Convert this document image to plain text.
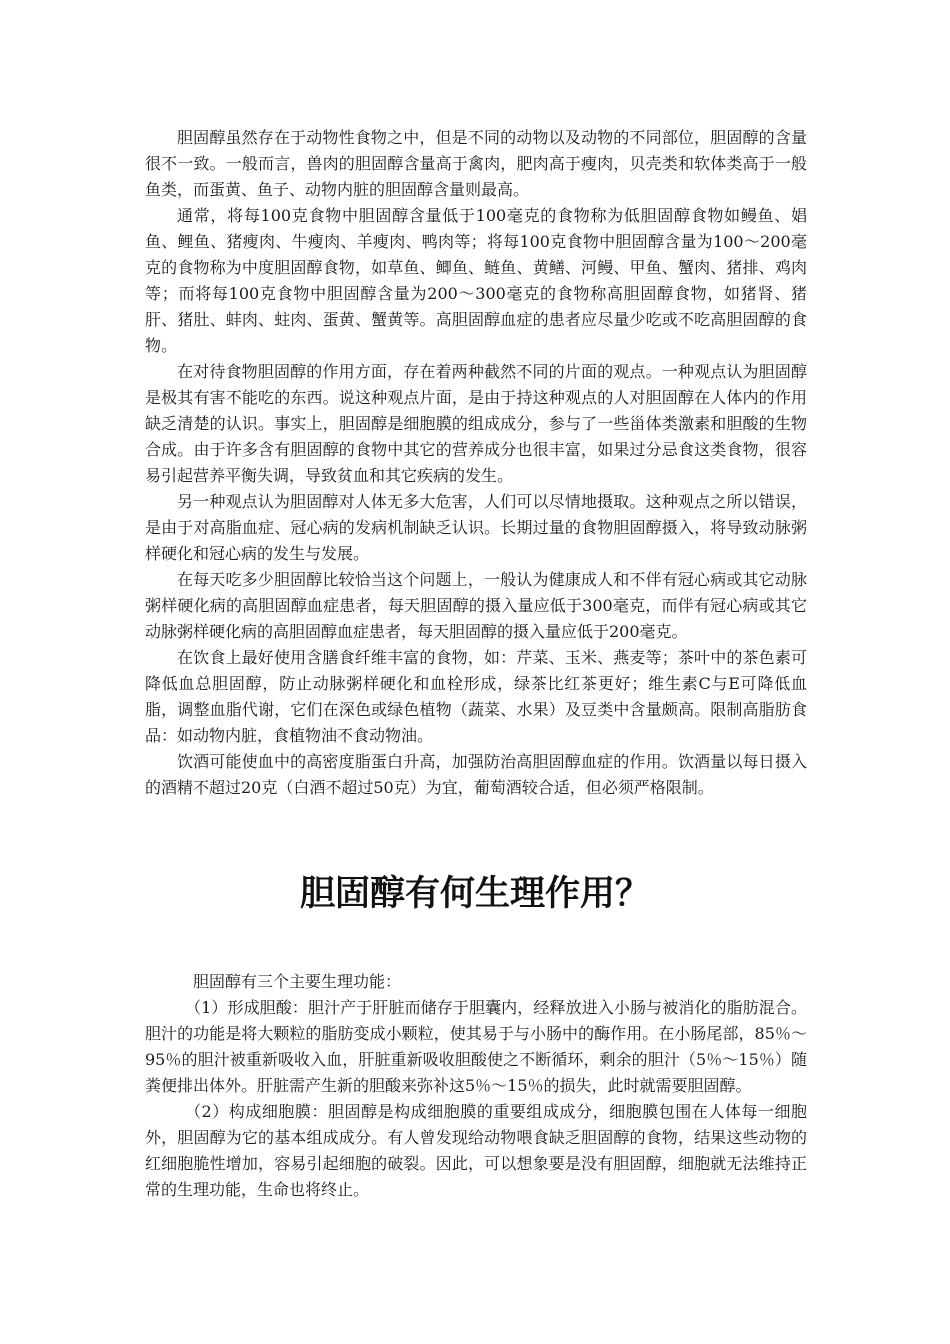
胆固醇虽然存在于动物性食物之中，但是不同的动物以及动物的不同部位，胆固醇的含量很不一致。一般而言，兽肉的胆固醇含量高于禽肉，肥肉高于瘦肉，贝壳类和软体类高于一般鱼类，而蛋黄、鱼子、动物内脏的胆固醇含量则最高。

通常，将每100克食物中胆固醇含量低于100毫克的食物称为低胆固醇食物如鳗鱼、娼鱼、鲤鱼、猪瘦肉、牛瘦肉、羊瘦肉、鸭肉等；将每100克食物中胆固醇含量为100～200毫克的食物称为中度胆固醇食物，如草鱼、鲫鱼、鲢鱼、黄鳝、河鳗、甲鱼、蟹肉、猪排、鸡肉等；而将每100克食物中胆固醇含量为200～300毫克的食物称高胆固醇食物，如猪肾、猪肝、猪肚、蚌肉、蛀肉、蛋黄、蟹黄等。高胆固醇血症的患者应尽量少吃或不吃高胆固醇的食物。

在对待食物胆固醇的作用方面，存在着两种截然不同的片面的观点。一种观点认为胆固醇是极其有害不能吃的东西。说这种观点片面，是由于持这种观点的人对胆固醇在人体内的作用缺乏清楚的认识。事实上，胆固醇是细胞膜的组成成分，参与了一些甾体类激素和胆酸的生物合成。由于许多含有胆固醇的食物中其它的营养成分也很丰富，如果过分忌食这类食物，很容易引起营养平衡失调，导致贫血和其它疾病的发生。

另一种观点认为胆固醇对人体无多大危害，人们可以尽情地摄取。这种观点之所以错误，是由于对高脂血症、冠心病的发病机制缺乏认识。长期过量的食物胆固醇摄入，将导致动脉粥样硬化和冠心病的发生与发展。

在每天吃多少胆固醇比较恰当这个问题上，一般认为健康成人和不伴有冠心病或其它动脉粥样硬化病的高胆固醇血症患者，每天胆固醇的摄入量应低于300毫克，而伴有冠心病或其它动脉粥样硬化病的高胆固醇血症患者，每天胆固醇的摄入量应低于200毫克。

在饮食上最好使用含膳食纤维丰富的食物，如：芹菜、玉米、燕麦等；茶叶中的茶色素可降低血总胆固醇，防止动脉粥样硬化和血栓形成，绿茶比红茶更好；维生素C与E可降低血脂，调整血脂代谢，它们在深色或绿色植物（蔬菜、水果）及豆类中含量颇高。限制高脂肪食品：如动物内脏，食植物油不食动物油。

饮酒可能使血中的高密度脂蛋白升高，加强防治高胆固醇血症的作用。饮酒量以每日摄入的酒精不超过20克（白酒不超过50克）为宜，葡萄酒较合适，但必须严格限制。

胆固醇有何生理作用？

胆固醇有三个主要生理功能：

（1）形成胆酸：胆汁产于肝脏而储存于胆囊内，经释放进入小肠与被消化的脂肪混合。胆汁的功能是将大颗粒的脂肪变成小颗粒，使其易于与小肠中的酶作用。在小肠尾部，85％～95％的胆汁被重新吸收入血，肝脏重新吸收胆酸使之不断循环，剩余的胆汁（5％～15％）随粪便排出体外。肝脏需产生新的胆酸来弥补这5％～15％的损失，此时就需要胆固醇。

（2）构成细胞膜：胆固醇是构成细胞膜的重要组成成分，细胞膜包围在人体每一细胞外，胆固醇为它的基本组成成分。有人曾发现给动物喂食缺乏胆固醇的食物，结果这些动物的红细胞脆性增加，容易引起细胞的破裂。因此，可以想象要是没有胆固醇，细胞就无法维持正常的生理功能，生命也将终止。
